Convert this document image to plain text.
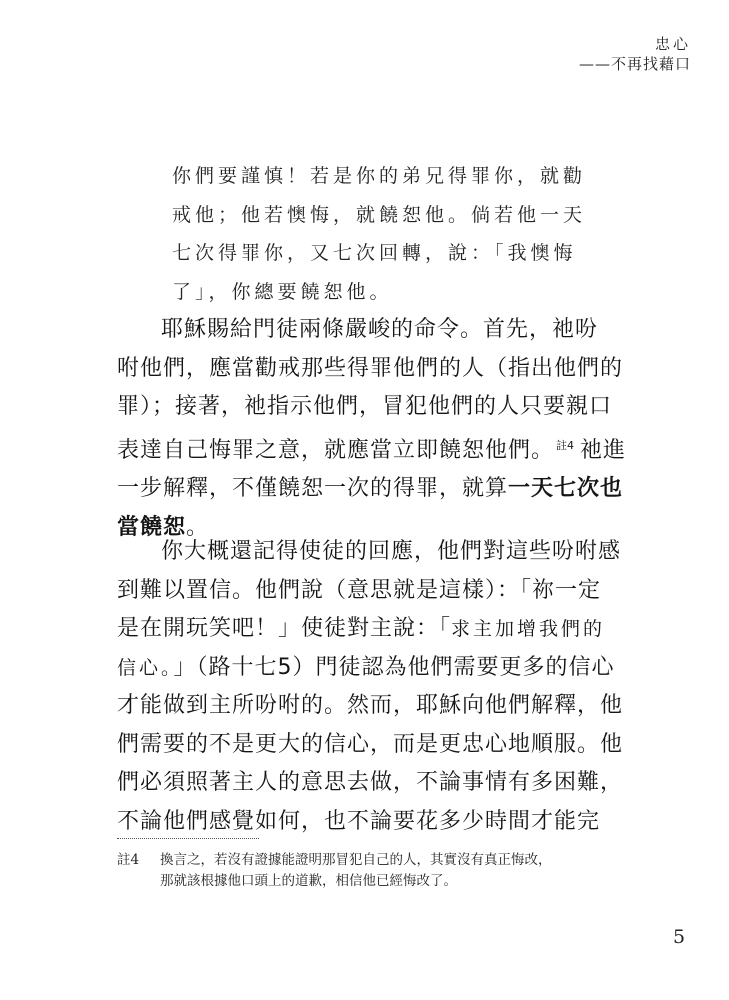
忠心
——不再找藉口
你們要謹慎！若是你的弟兄得罪你，就勸
戒他；他若懊悔，就饒恕他。倘若他一天
七次得罪你，又七次回轉，說：「我懊悔
了」，你總要饒恕他。
耶穌賜給門徒兩條嚴峻的命令。首先，祂吩
咐他們，應當勸戒那些得罪他們的人（指出他們的
罪）；接著，祂指示他們，冒犯他們的人只要親口
表達自己悔罪之意，就應當立即饒恕他們。 $^{註4}$ 祂進
一步解釋，不僅饒恕一次的得罪，就算一天七次也
當饒恕。
你大概還記得使徒的回應，他們對這些吩咐感
到難以置信。他們說（意思就是這樣）：「祢一定
是在開玩笑吧！」使徒對主說：「求主加增我們的
信心。」（路十七5）門徒認為他們需要更多的信心
才能做到主所吩咐的。然而，耶穌向他們解釋，他
們需要的不是更大的信心，而是更忠心地順服。他
們必須照著主人的意思去做，不論事情有多困難，
不論他們感覺如何，也不論要花多少時間才能完
註4 換言之，若沒有證據能證明那冒犯自己的人，其實沒有真正悔改，
那就該根據他口頭上的道歉，相信他已經悔改了。
5
